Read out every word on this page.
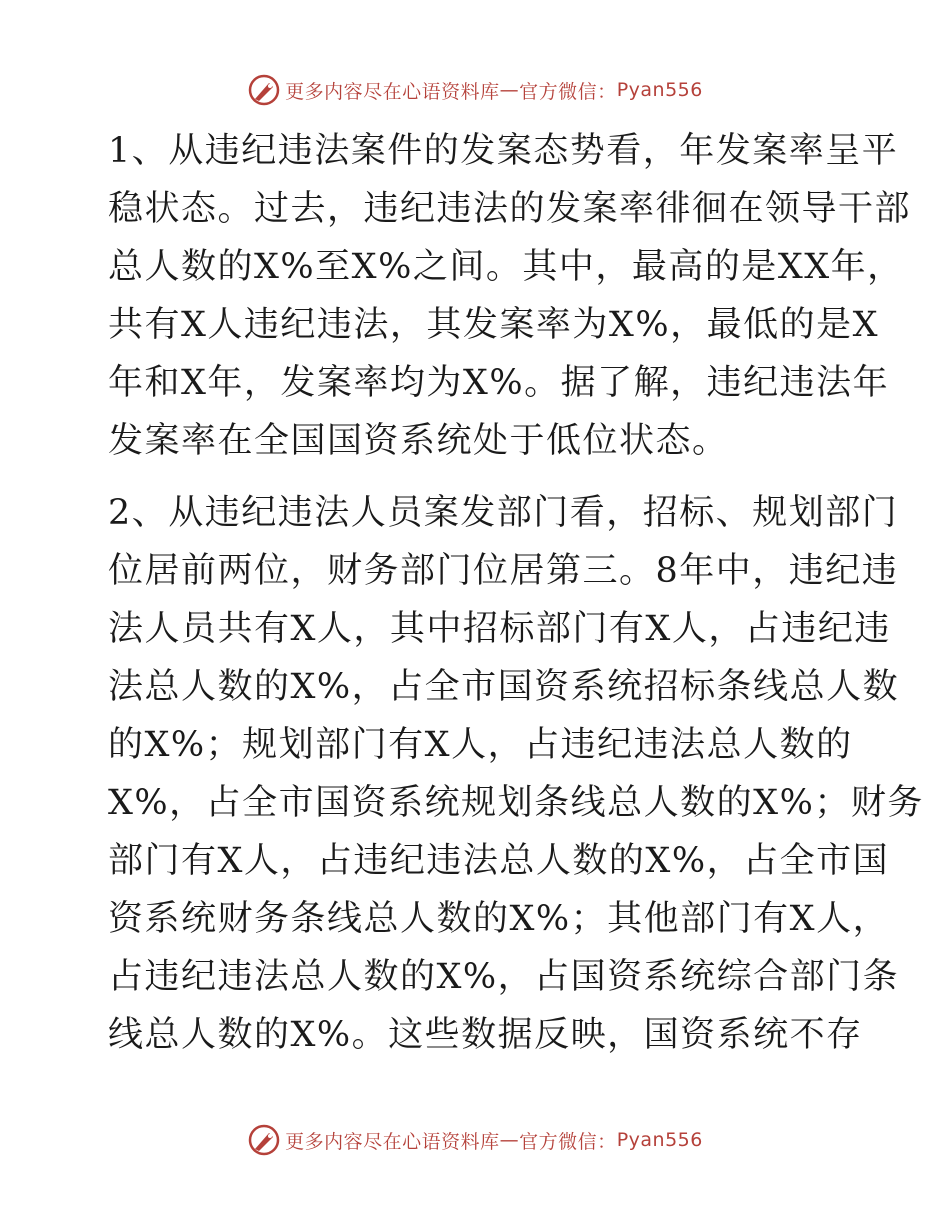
更多内容尽在心语资料库 — 官方微信： Pyan556
1、从违纪违法案件的发案态势看，年发案率呈平
稳状态。过去，违纪违法的发案率徘徊在领导干部
总人数的X%至X%之间。其中，最高的是XX年，
共有X人违纪违法，其发案率为X%，最低的是X
年和X年，发案率均为X%。据了解，违纪违法年
发案率在全国国资系统处于低位状态。
2、从违纪违法人员案发部门看，招标、规划部门
位居前两位，财务部门位居第三。8年中，违纪违
法人员共有X人，其中招标部门有X人，占违纪违
法总人数的X%，占全市国资系统招标条线总人数
的X%；规划部门有X人，占违纪违法总人数的
X%，占全市国资系统规划条线总人数的X%；财务
部门有X人，占违纪违法总人数的X%，占全市国
资系统财务条线总人数的X%；其他部门有X人，
占违纪违法总人数的X%，占国资系统综合部门条
线总人数的X%。这些数据反映，国资系统不存
更多内容尽在心语资料库 — 官方微信： Pyan556
